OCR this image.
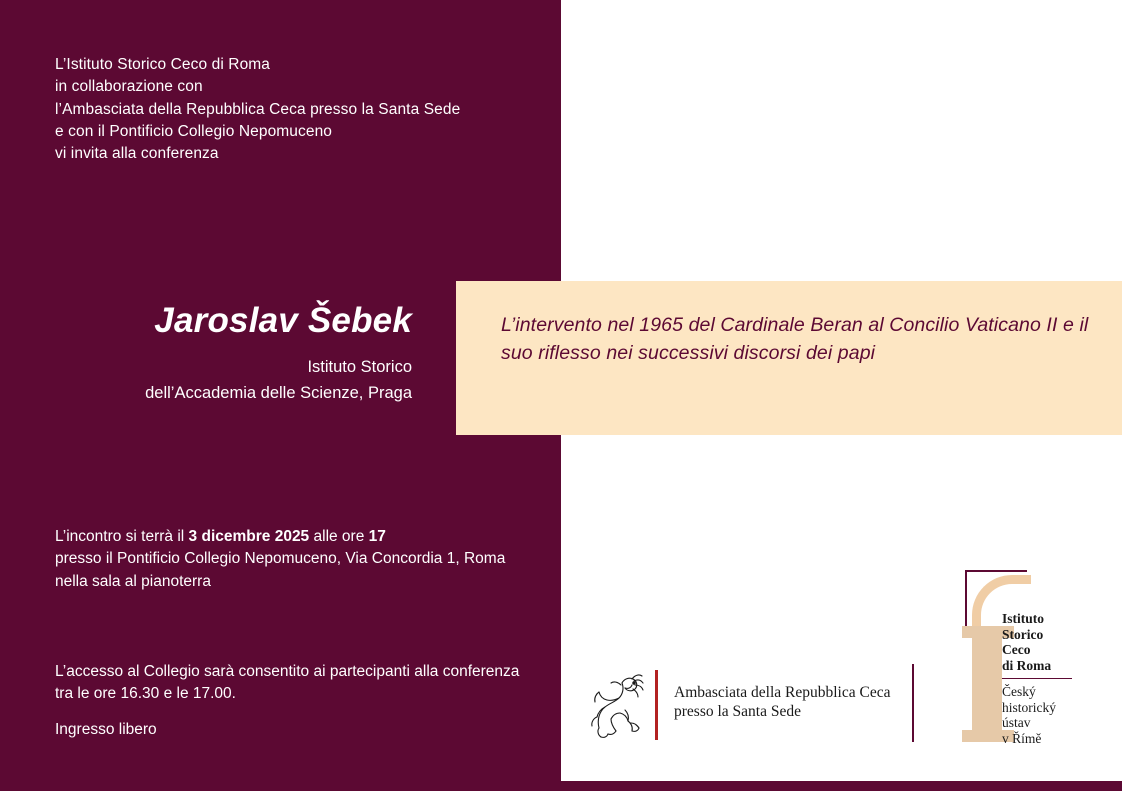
L’Istituto Storico Ceco di Roma
in collaborazione con
l’Ambasciata della Repubblica Ceca presso la Santa Sede
e con il Pontificio Collegio Nepomuceno
vi invita alla conferenza
Jaroslav Šebek
Istituto Storico
dell’Accademia delle Scienze, Praga
L’intervento nel 1965 del Cardinale Beran al Concilio Vaticano II e il suo riflesso nei successivi discorsi dei papi
L’incontro si terrà il 3 dicembre 2025 alle ore 17
presso il Pontificio Collegio Nepomuceno, Via Concordia 1, Roma
nella sala al pianoterra
L’accesso al Collegio sarà consentito ai partecipanti alla conferenza
tra le ore 16.30 e le 17.00.
Ingresso libero
Ambasciata della Repubblica Ceca
presso la Santa Sede
Istituto
Storico
Ceco
di Roma
Český
historický
ústav
v Římě
